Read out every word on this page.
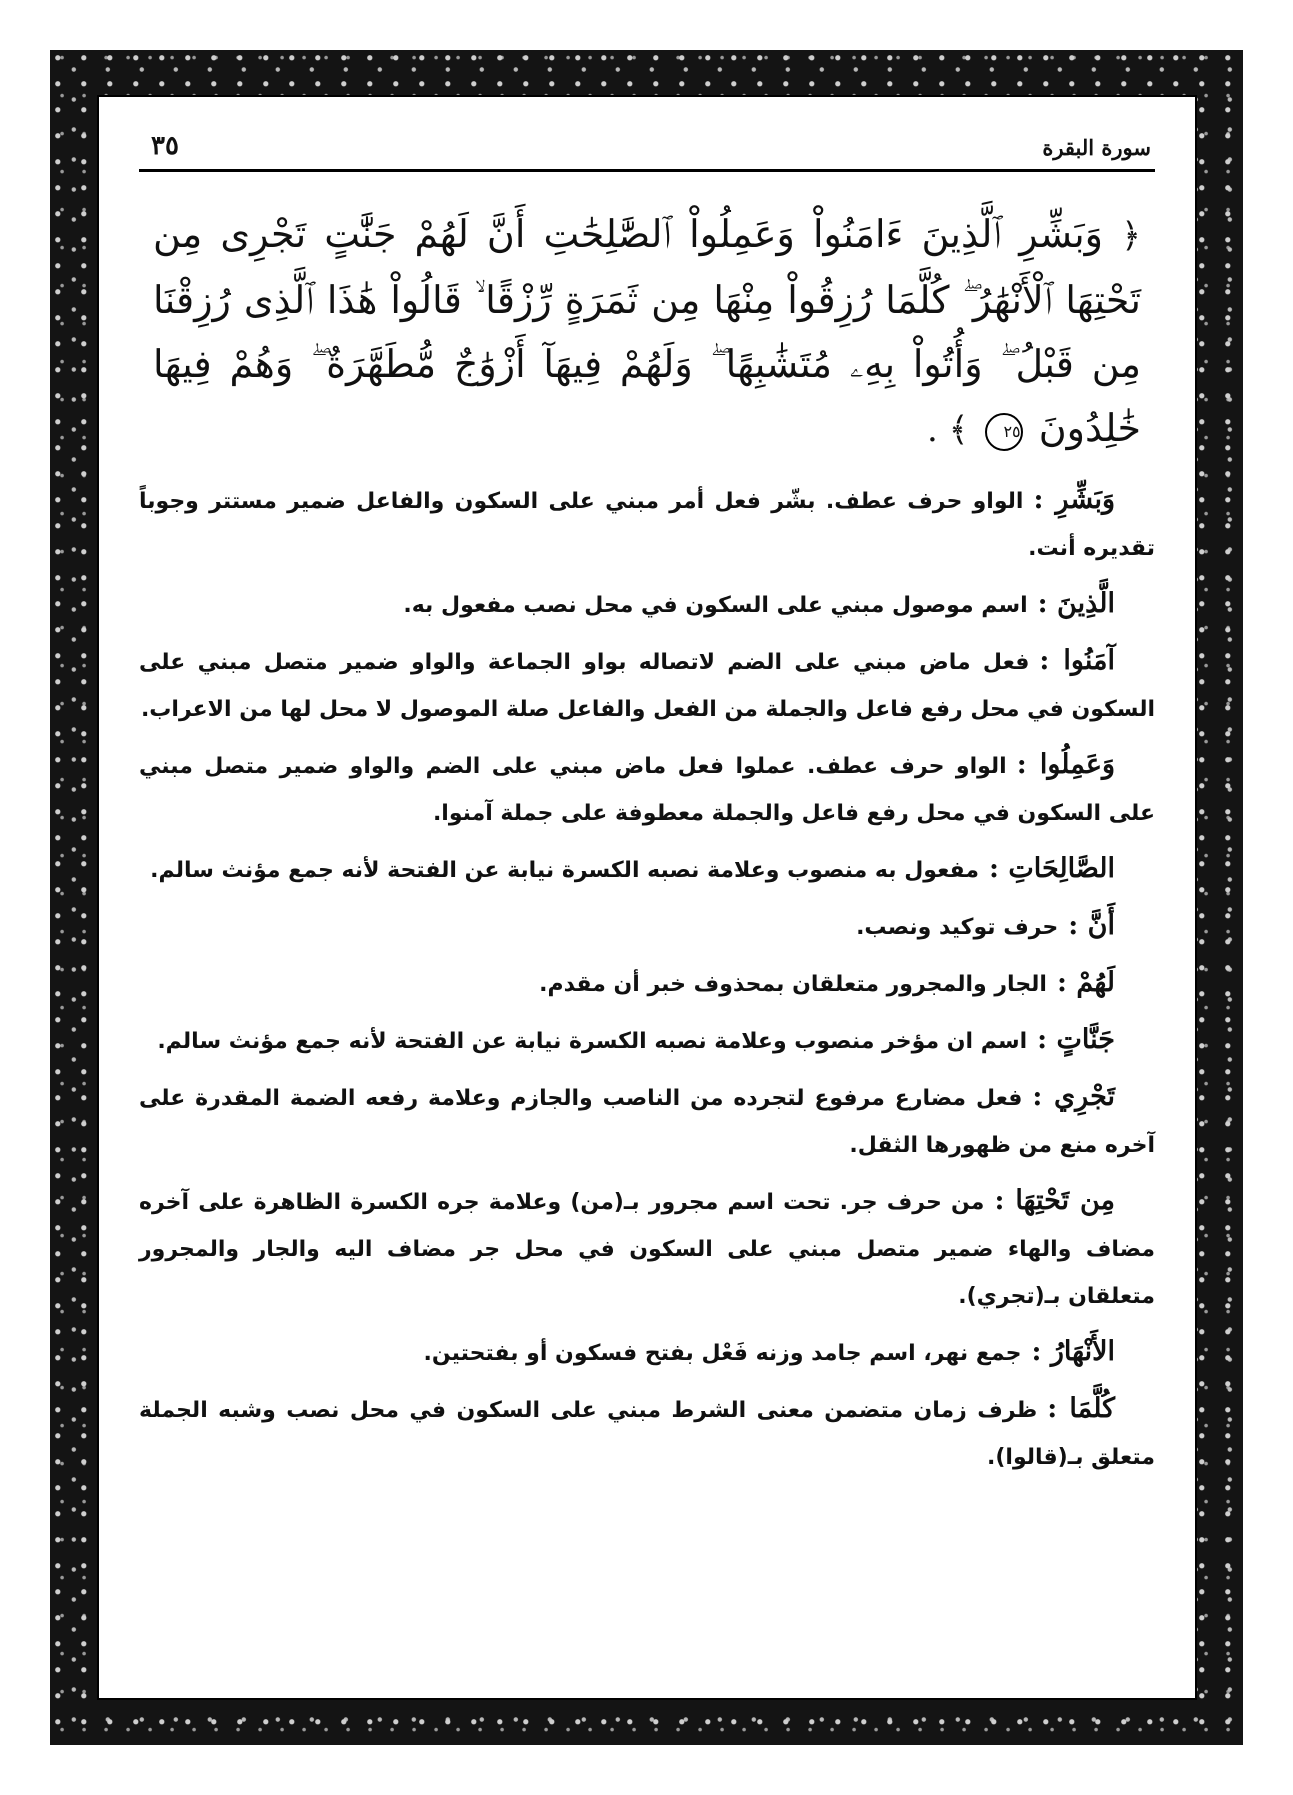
٣٥	سورة البقرة
﴿ وَبَشِّرِ ٱلَّذِينَ ءَامَنُواْ وَعَمِلُواْ ٱلصَّٰلِحَٰتِ أَنَّ لَهُمْ جَنَّٰتٍ تَجْرِى مِن تَحْتِهَا ٱلْأَنْهَٰرُ ۖ كُلَّمَا رُزِقُواْ مِنْهَا مِن ثَمَرَةٍ رِّزْقًا ۙ قَالُواْ هَٰذَا ٱلَّذِى رُزِقْنَا مِن قَبْلُ ۖ وَأُتُواْ بِهِۦ مُتَشَٰبِهًا ۖ وَلَهُمْ فِيهَآ أَزْوَٰجٌ مُّطَهَّرَةٌ ۖ وَهُمْ فِيهَا خَٰلِدُونَ ٢٥ ﴾ .

وَبَشِّرِ :الواو حرف عطف. بشّر فعل أمر مبني على السكون والفاعل ضمير مستتر وجوباً تقديره أنت.

الَّذِينَ :اسم موصول مبني على السكون في محل نصب مفعول به.

آمَنُوا :فعل ماض مبني على الضم لاتصاله بواو الجماعة والواو ضمير متصل مبني على السكون في محل رفع فاعل والجملة من الفعل والفاعل صلة الموصول لا محل لها من الاعراب.

وَعَمِلُوا :الواو حرف عطف. عملوا فعل ماض مبني على الضم والواو ضمير متصل مبني على السكون في محل رفع فاعل والجملة معطوفة على جملة آمنوا.

الصَّالِحَاتِ :مفعول به منصوب وعلامة نصبه الكسرة نيابة عن الفتحة لأنه جمع مؤنث سالم.

أَنَّ :حرف توكيد ونصب.

لَهُمْ :الجار والمجرور متعلقان بمحذوف خبر أن مقدم.

جَنَّاتٍ :اسم ان مؤخر منصوب وعلامة نصبه الكسرة نيابة عن الفتحة لأنه جمع مؤنث سالم.

تَجْرِي :فعل مضارع مرفوع لتجرده من الناصب والجازم وعلامة رفعه الضمة المقدرة على آخره منع من ظهورها الثقل.

مِن تَحْتِهَا :من حرف جر. تحت اسم مجرور بـ(من) وعلامة جره الكسرة الظاهرة على آخره مضاف والهاء ضمير متصل مبني على السكون في محل جر مضاف اليه والجار والمجرور متعلقان بـ(تجري).

الأَنْهَارُ :جمع نهر، اسم جامد وزنه فَعْل بفتح فسكون أو بفتحتين.

كُلَّمَا :ظرف زمان متضمن معنى الشرط مبني على السكون في محل نصب وشبه الجملة متعلق بـ(قالوا).
